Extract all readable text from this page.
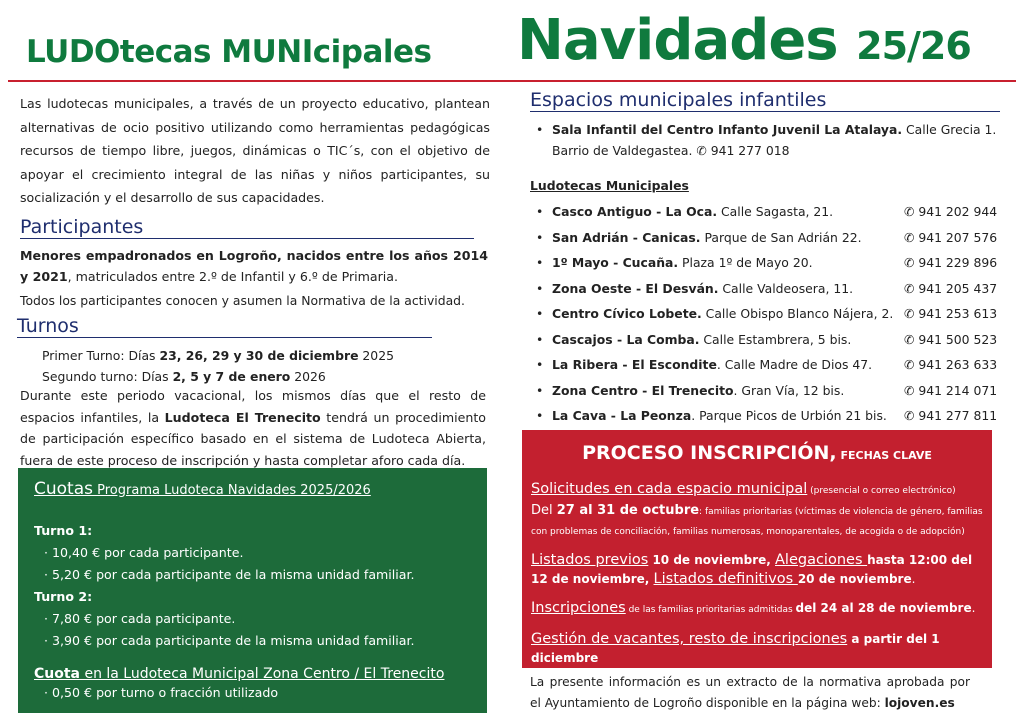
LUDOtecas MUNIcipales Navidades 25/26
Las ludotecas municipales, a través de un proyecto educativo, plantean alternativas de ocio positivo utilizando como herramientas pedagógicas recursos de tiempo libre, juegos, dinámicas o TIC´s, con el objetivo de apoyar el crecimiento integral de las niñas y niños participantes, su socialización y el desarrollo de sus capacidades.
Participantes
Menores empadronados en Logroño, nacidos entre los años 2014 y 2021, matriculados entre 2.º de Infantil y 6.º de Primaria.
Todos los participantes conocen y asumen la Normativa de la actividad.
Turnos
Primer Turno: Días 23, 26, 29 y 30 de diciembre 2025
Segundo turno: Días 2, 5 y 7 de enero 2026
Durante este periodo vacacional, los mismos días que el resto de espacios infantiles, la Ludoteca El Trenecito tendrá un procedimiento de participación específico basado en el sistema de Ludoteca Abierta, fuera de este proceso de inscripción y hasta completar aforo cada día.
Cuotas Programa Ludoteca Navidades 2025/2026
Turno 1:
· 10,40 € por cada participante.
· 5,20 € por cada participante de la misma unidad familiar.
Turno 2:
· 7,80 € por cada participante.
· 3,90 € por cada participante de la misma unidad familiar.
Cuota en la Ludoteca Municipal Zona Centro / El Trenecito
· 0,50 € por turno o fracción utilizado
Espacios municipales infantiles
• Sala Infantil del Centro Infanto Juvenil La Atalaya. Calle Grecia 1.
Barrio de Valdegastea. ✆ 941 277 018
Ludotecas Municipales
• Casco Antiguo - La Oca. Calle Sagasta, 21.	✆ 941 202 944
• San Adrián - Canicas. Parque de San Adrián 22.	✆ 941 207 576
• 1º Mayo - Cucaña. Plaza 1º de Mayo 20.	✆ 941 229 896
• Zona Oeste - El Desván. Calle Valdeosera, 11.	✆ 941 205 437
• Centro Cívico Lobete. Calle Obispo Blanco Nájera, 2. ✆ 941 253 613
• Cascajos - La Comba. Calle Estambrera, 5 bis.	✆ 941 500 523
• La Ribera - El Escondite. Calle Madre de Dios 47.	✆ 941 263 633
• Zona Centro - El Trenecito. Gran Vía, 12 bis.	✆ 941 214 071
• La Cava - La Peonza. Parque Picos de Urbión 21 bis.	✆ 941 277 811
PROCESO INSCRIPCIÓN, FECHAS CLAVE

Solicitudes en cada espacio municipal (presencial o correo electrónico)
Del 27 al 31 de octubre: familias prioritarias (víctimas de violencia de género, familias con problemas de conciliación, familias numerosas, monoparentales, de acogida o de adopción)

Listados previos 10 de noviembre, Alegaciones hasta 12:00 del 12 de noviembre, Listados definitivos 20 de noviembre.

Inscripciones de las familias prioritarias admitidas del 24 al 28 de noviembre.

Gestión de vacantes, resto de inscripciones a partir del 1 diciembre

La presente información es un extracto de la normativa aprobada por el Ayuntamiento de Logroño disponible en la página web: lojoven.es
